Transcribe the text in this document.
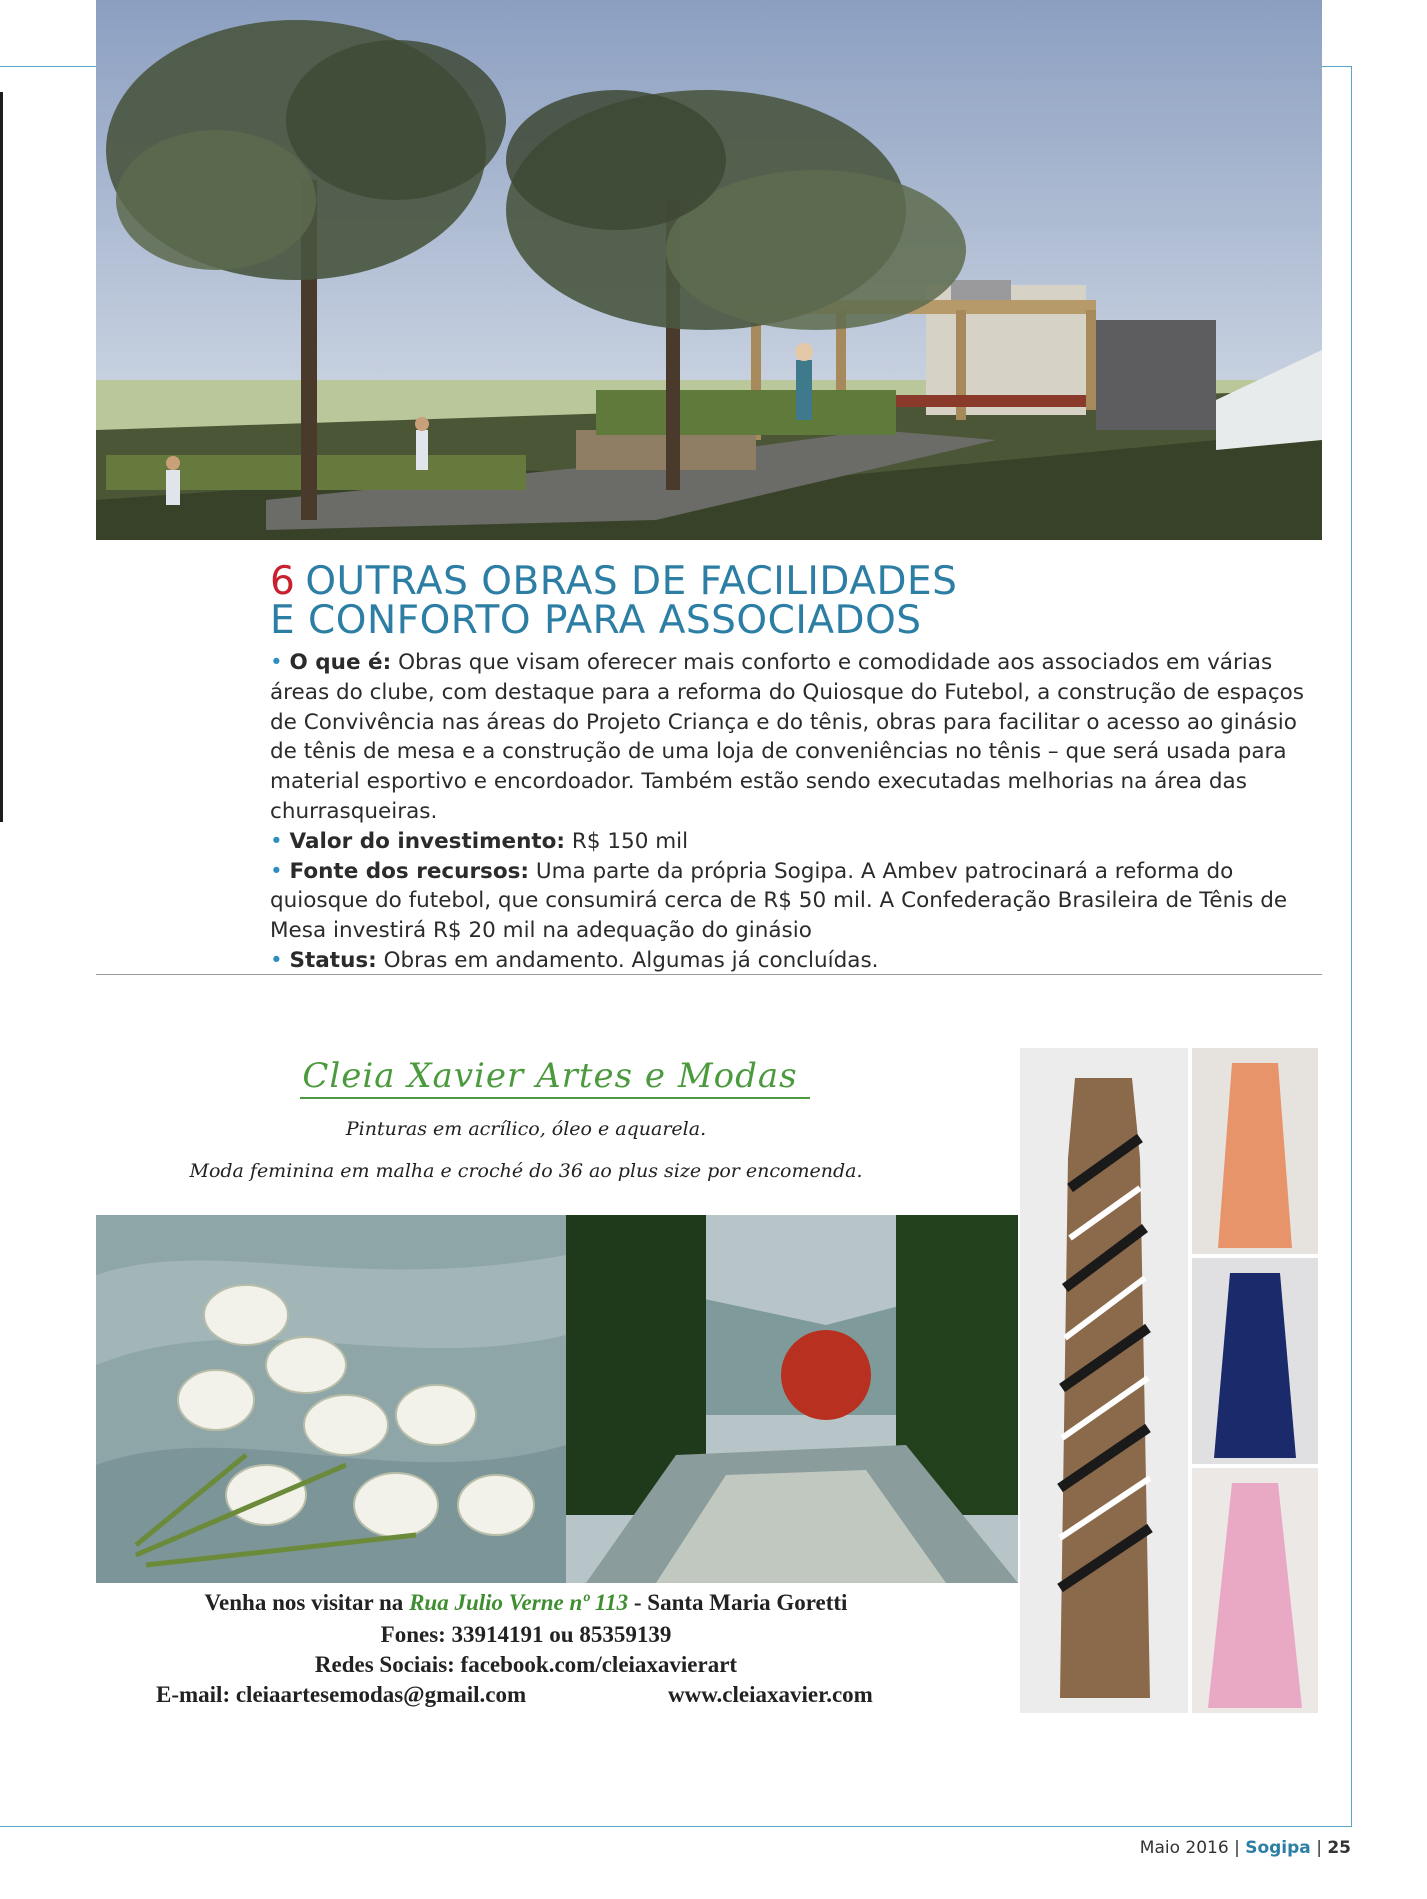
6 OUTRAS OBRAS DE FACILIDADES
E CONFORTO PARA ASSOCIADOS

• O que é: Obras que visam oferecer mais conforto e comodidade aos associados em várias áreas do clube, com destaque para a reforma do Quiosque do Futebol, a construção de espaços de Convivência nas áreas do Projeto Criança e do tênis, obras para facilitar o acesso ao ginásio de tênis de mesa e a construção de uma loja de conveniências no tênis – que será usada para material esportivo e encordoador. Também estão sendo executadas melhorias na área das churrasqueiras.

• Valor do investimento: R$ 150 mil

• Fonte dos recursos: Uma parte da própria Sogipa. A Ambev patrocinará a reforma do quiosque do futebol, que consumirá cerca de R$ 50 mil. A Confederação Brasileira de Tênis de Mesa investirá R$ 20 mil na adequação do ginásio

• Status: Obras em andamento. Algumas já concluídas.

Cleia Xavier Artes e Modas
Pinturas em acrílico, óleo e aquarela.
Moda feminina em malha e croché do 36 ao plus size por encomenda.
Venha nos visitar na Rua Julio Verne nº 113 - Santa Maria Goretti
Fones: 33914191 ou 85359139
Redes Sociais: facebook.com/cleiaxavierart
E-mail: cleiaartesemodas@gmail.com	www.cleiaxavier.com
Maio 2016 | Sogipa | 25
